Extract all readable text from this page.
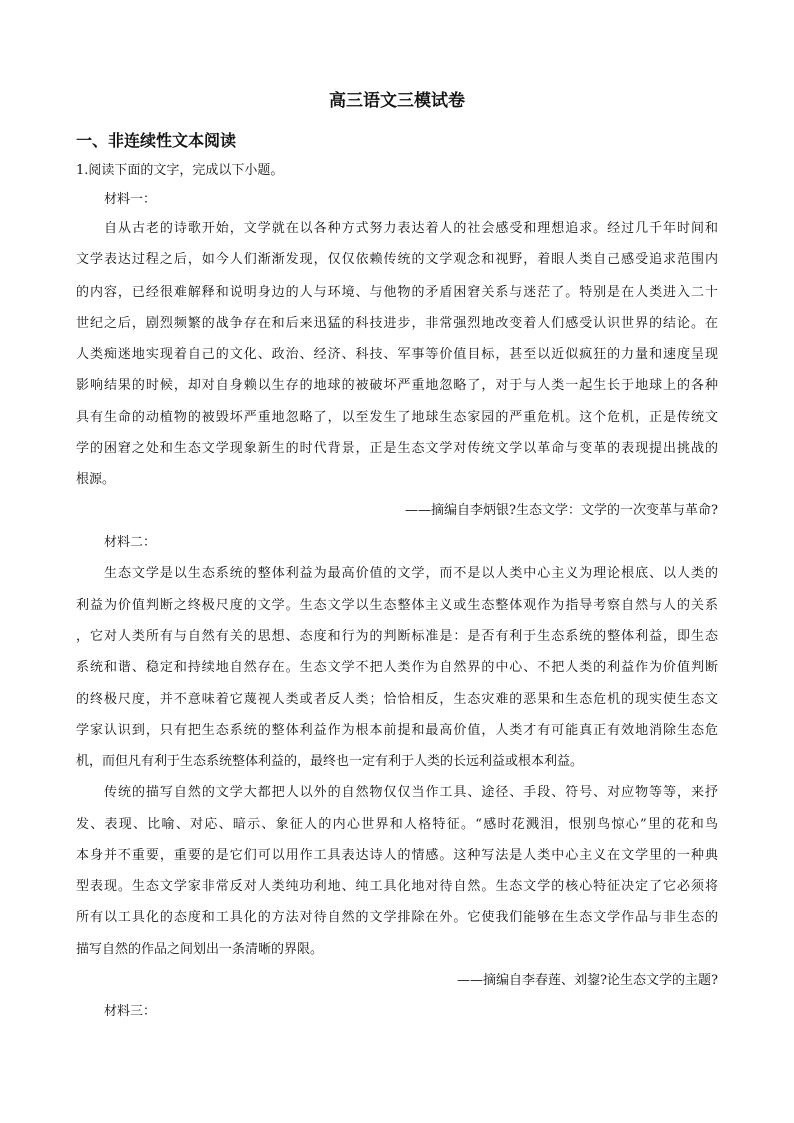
高三语文三模试卷
一、非连续性文本阅读
1.阅读下面的文字，完成以下小题。
材料一：
自从古老的诗歌开始，文学就在以各种方式努力表达着人的社会感受和理想追求。经过几千年时间和
文学表达过程之后，如今人们渐渐发现，仅仅依赖传统的文学观念和视野，着眼人类自己感受追求范围内
的内容，已经很难解释和说明身边的人与环境、与他物的矛盾困窘关系与迷茫了。特别是在人类进入二十
世纪之后，剧烈频繁的战争存在和后来迅猛的科技进步，非常强烈地改变着人们感受认识世界的结论。在
人类痴迷地实现着自己的文化、政治、经济、科技、军事等价值目标，甚至以近似疯狂的力量和速度呈现
影响结果的时候，却对自身赖以生存的地球的被破坏严重地忽略了，对于与人类一起生长于地球上的各种
具有生命的动植物的被毁坏严重地忽略了，以至发生了地球生态家园的严重危机。这个危机，正是传统文
学的困窘之处和生态文学现象新生的时代背景，正是生态文学对传统文学以革命与变革的表现提出挑战的
根源。
——摘编自李炳银?生态文学：文学的一次变革与革命?
材料二：
生态文学是以生态系统的整体利益为最高价值的文学，而不是以人类中心主义为理论根底、以人类的
利益为价值判断之终极尺度的文学。生态文学以生态整体主义或生态整体观作为指导考察自然与人的关系
，它对人类所有与自然有关的思想、态度和行为的判断标准是：是否有利于生态系统的整体利益，即生态
系统和谐、稳定和持续地自然存在。生态文学不把人类作为自然界的中心、不把人类的利益作为价值判断
的终极尺度，并不意味着它蔑视人类或者反人类；恰恰相反，生态灾难的恶果和生态危机的现实使生态文
学家认识到，只有把生态系统的整体利益作为根本前提和最高价值，人类才有可能真正有效地消除生态危
机，而但凡有利于生态系统整体利益的，最终也一定有利于人类的长远利益或根本利益。
传统的描写自然的文学大都把人以外的自然物仅仅当作工具、途径、手段、符号、对应物等等，来抒
发、表现、比喻、对応、暗示、象征人的内心世界和人格特征。“感时花溅泪，恨别鸟惊心”里的花和鸟
本身并不重要，重要的是它们可以用作工具表达诗人的情感。这种写法是人类中心主义在文学里的一种典
型表现。生态文学家非常反对人类纯功利地、纯工具化地对待自然。生态文学的核心特征决定了它必须将
所有以工具化的态度和工具化的方法对待自然的文学排除在外。它使我们能够在生态文学作品与非生态的
描写自然的作品之间划出一条清晰的界限。
——摘编自李春莲、刘鋆?论生态文学的主题?
材料三：
